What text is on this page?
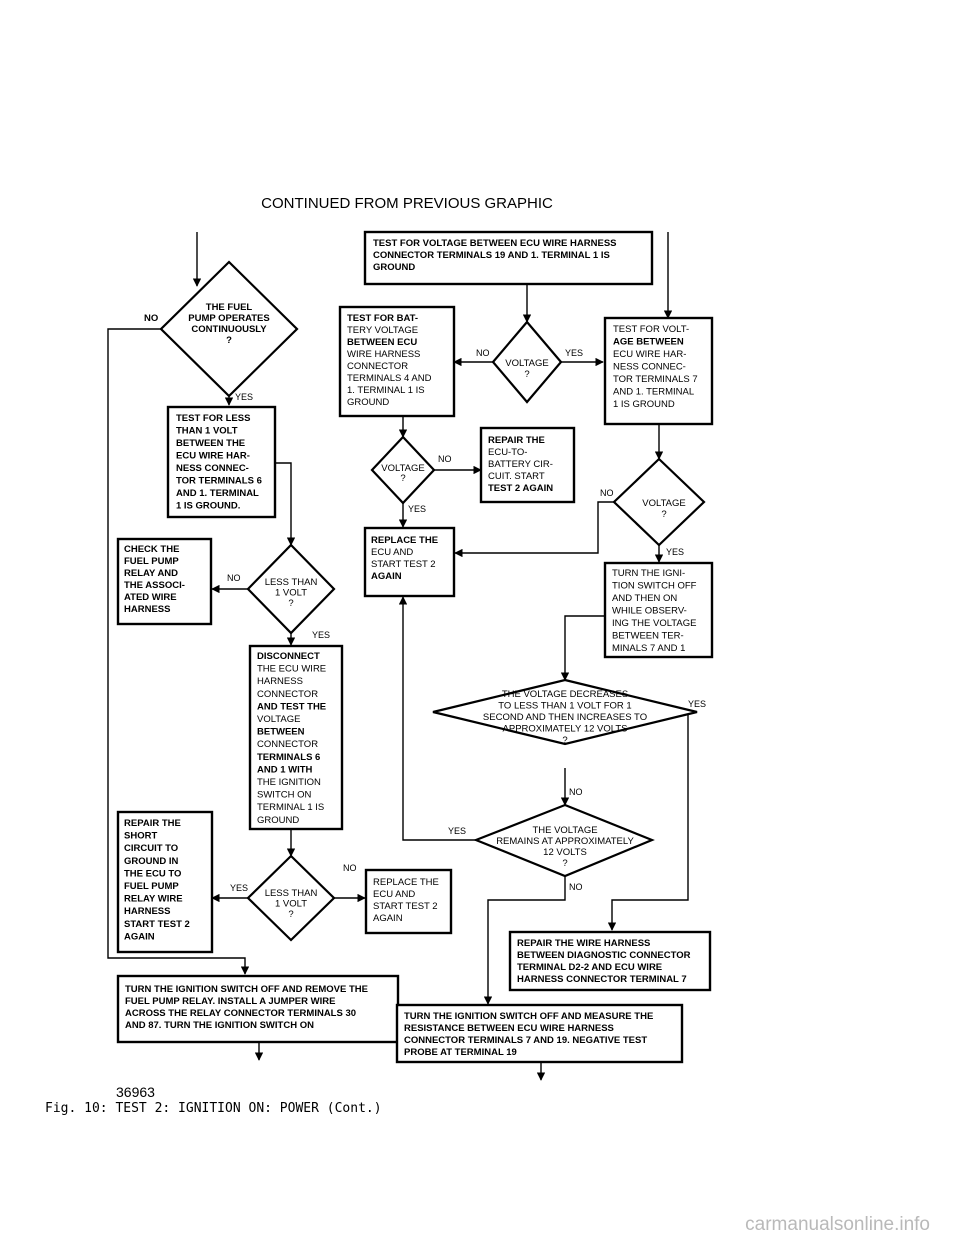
CONTINUED FROM PREVIOUS GRAPHIC
THE FUEL PUMP OPERATES CONTINUOUSLY ?
TEST FOR LESS THAN 1 VOLT BETWEEN THE ECU WIRE HAR-NESS CONNEC-TOR TERMINALS 6 AND 1. TERMINAL 1 IS GROUND.
CHECK THE FUEL PUMP RELAY AND THE ASSOCI-ATED WIRE HARNESS
LESS THAN 1 VOLT ?
DISCONNECT THE ECU WIRE HARNESS CONNECTOR AND TEST THE VOLTAGE BETWEEN CONNECTOR TERMINALS 6 AND 1 WITH THE IGNITION SWITCH ON TERMINAL 1 IS GROUND
REPAIR THE SHORT CIRCUIT TO GROUND IN THE ECU TO FUEL PUMP RELAY WIRE HARNESS START TEST 2 AGAIN
LESS THAN 1 VOLT ?
REPLACE THE ECU AND START TEST 2 AGAIN
TURN THE IGNITION SWITCH OFF AND REMOVE THE FUEL PUMP RELAY. INSTALL A JUMPER WIRE ACROSS THE RELAY CONNECTOR TERMINALS 30 AND 87. TURN THE IGNITION SWITCH ON
TEST FOR VOLTAGE BETWEEN ECU WIRE HARNESS CONNECTOR TERMINALS 19 AND 1. TERMINAL 1 IS GROUND
TEST FOR BAT-TERY VOLTAGE BETWEEN ECU WIRE HARNESS CONNECTOR TERMINALS 4 AND 1. TERMINAL 1 IS GROUND
VOLTAGE ?
TEST FOR VOLT-AGE BETWEEN ECU WIRE HAR-NESS CONNEC-TOR TERMINALS 7 AND 1. TERMINAL 1 IS GROUND
VOLTAGE ?
REPAIR THE ECU-TO-BATTERY CIR-CUIT. START TEST 2 AGAIN
REPLACE THE ECU AND START TEST 2 AGAIN
VOLTAGE ?
TURN THE IGNI-TION SWITCH OFF AND THEN ON WHILE OBSERV-ING THE VOLTAGE BETWEEN TER-MINALS 7 AND 1
THE VOLTAGE DECREASES TO LESS THAN 1 VOLT FOR 1 SECOND AND THEN INCREASES TO APPROXIMATELY 12 VOLTS ?
THE VOLTAGE REMAINS AT APPROXIMATELY 12 VOLTS ?
REPAIR THE WIRE HARNESS BETWEEN DIAGNOSTIC CONNECTOR TERMINAL D2-2 AND ECU WIRE HARNESS CONNECTOR TERMINAL 7
TURN THE IGNITION SWITCH OFF AND MEASURE THE RESISTANCE BETWEEN ECU WIRE HARNESS CONNECTOR TERMINALS 7 AND 19. NEGATIVE TEST PROBE AT TERMINAL 19
NO
YES
NO
YES
YES
NO
NO	YES
NO
YES
NO
YES
YES
NO
YES
NO
36963
Fig. 10: TEST 2: IGNITION ON: POWER (Cont.)
carmanualsonline.info
